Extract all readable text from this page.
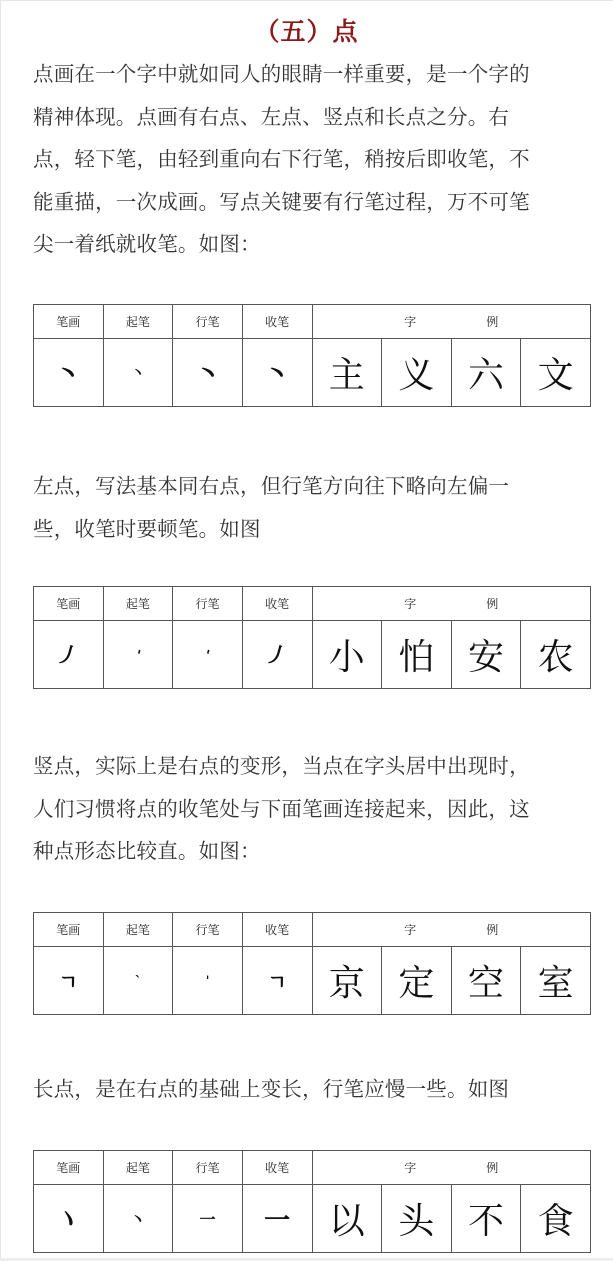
（五）点
点画在一个字中就如同人的眼睛一样重要，是一个字的
精神体现。点画有右点、左点、竖点和长点之分。右
点，轻下笔，由轻到重向右下行笔，稍按后即收笔，不
能重描，一次成画。写点关键要有行笔过程，万不可笔
尖一着纸就收笔。如图：
笔画	起笔	行笔	收笔	字 例			

丶	丶	丶	丶	主	义	六	文
左点，写法基本同右点，但行笔方向往下略向左偏一
些，收笔时要顿笔。如图
笔画	起笔	行笔	收笔	字 例			

丿	'	'	丿	小	怕	安	农
竖点，实际上是右点的变形，当点在字头居中出现时，
人们习惯将点的收笔处与下面笔画连接起来，因此，这
种点形态比较直。如图：
笔画	起笔	行笔	收笔	字 例			

ㄱ	`	ˈ	ㄱ	京	定	空	室
长点，是在右点的基础上变长，行笔应慢一些。如图
笔画	起笔	行笔	收笔	字 例			

丶	丶	一	一	以	头	不	食
